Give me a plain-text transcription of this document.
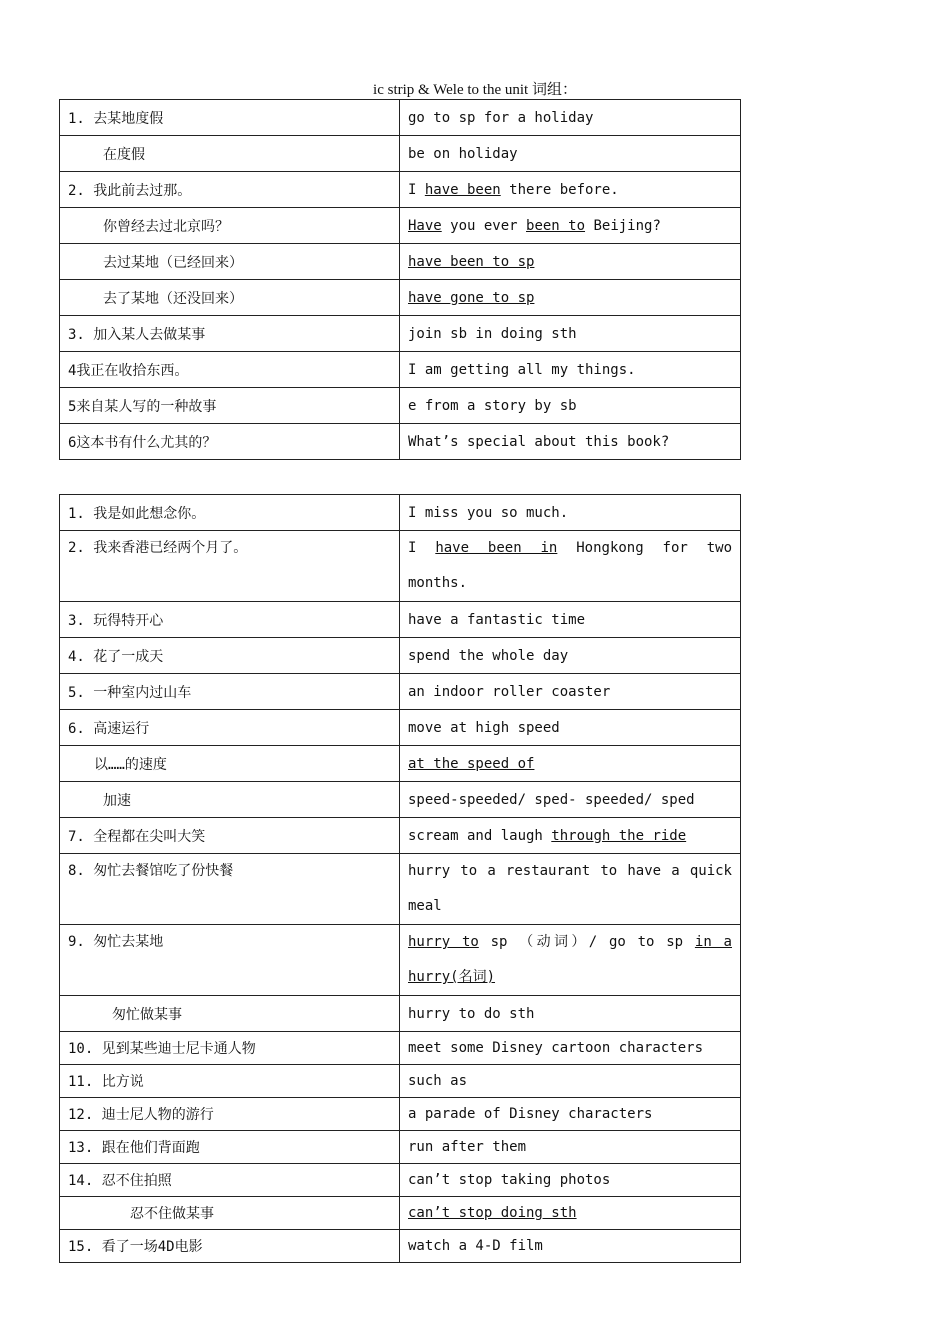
ic strip & Wele to the unit 词组：
1. 去某地度假	go to sp for a holiday
在度假	be on holiday
2. 我此前去过那。	I have been there before.
你曾经去过北京吗？	Have you ever been to Beijing?
去过某地（已经回来）	have been to sp
去了某地（还没回来）	have gone to sp
3. 加入某人去做某事	join sb in doing sth
4我正在收拾东西。	I am getting all my things.
5来自某人写的一种故事	e from a story by sb
6这本书有什么尤其的？	What’s special about this book?
1. 我是如此想念你。	I miss you so much.
2. 我来香港已经两个月了。	I have been in Hongkong for two
months.

3. 玩得特开心	have a fantastic time
4. 花了一成天	spend the whole day
5. 一种室内过山车	an indoor roller coaster
6. 高速运行	move at high speed
以……的速度	at the speed of
加速	speed-speeded/ sped- speeded/ sped
7. 全程都在尖叫大笑	scream and laugh through the ride
8. 匆忙去餐馆吃了份快餐	hurry to a restaurant to have a quick
meal

9. 匆忙去某地	hurry to sp （动词）/ go to sp in a
hurry(名词)

匆忙做某事	hurry to do sth
10. 见到某些迪士尼卡通人物	meet some Disney cartoon characters
11. 比方说	such as
12. 迪士尼人物的游行	a parade of Disney characters
13. 跟在他们背面跑	run after them
14. 忍不住拍照	can’t stop taking photos
忍不住做某事	can’t stop doing sth
15. 看了一场4D电影	watch a 4-D film
